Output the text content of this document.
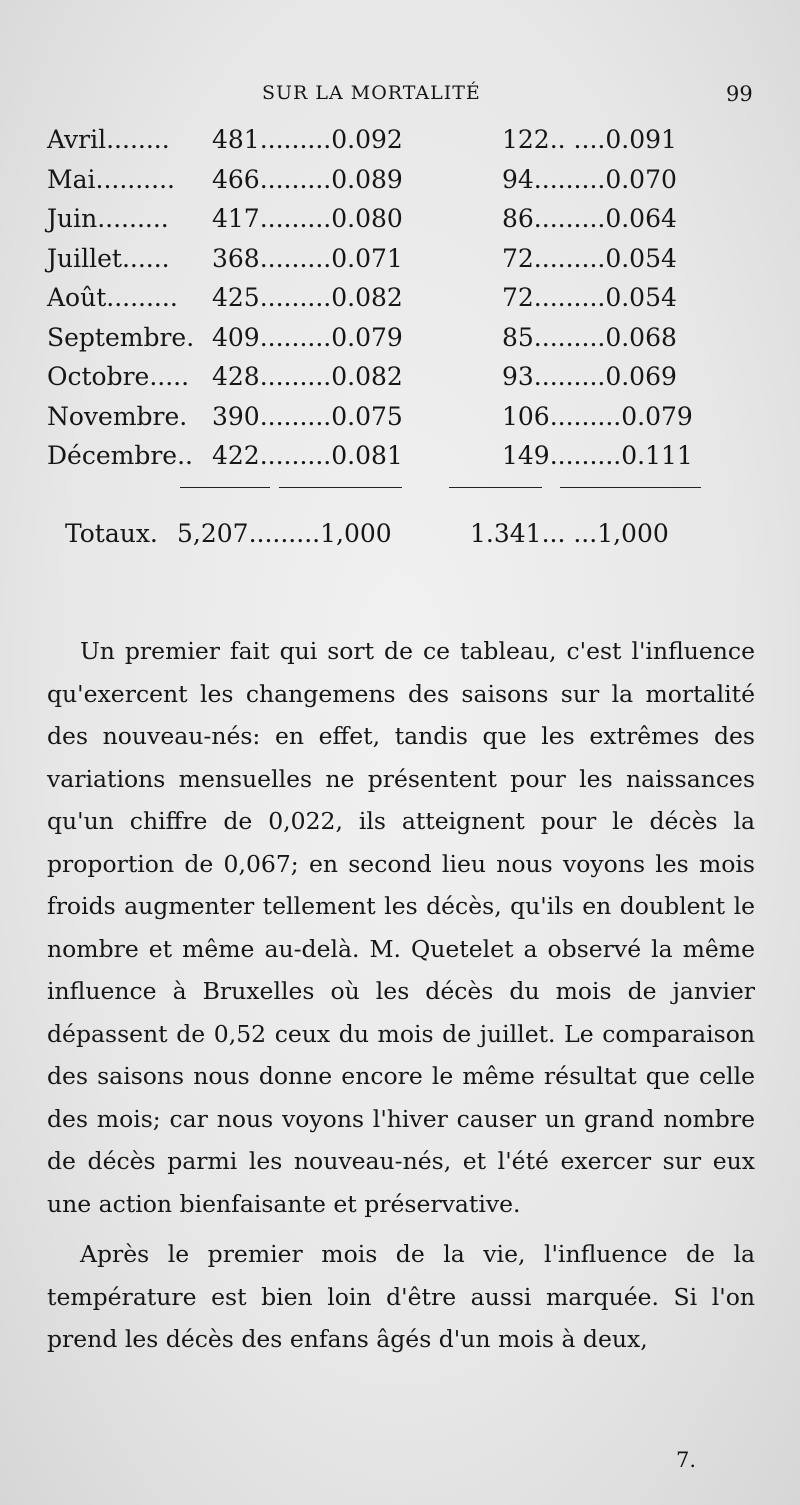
SUR LA MORTALITÉ	99
Avril........ 481.........0.092	122.. ....0.091
Mai.......... 466.........0.089	94.........0.070
Juin......... 417.........0.080	86.........0.064
Juillet...... 368.........0.071	72.........0.054
Août......... 425.........0.082	72.........0.054
Septembre. 409.........0.079	85.........0.068
Octobre..... 428.........0.082	93.........0.069
Novembre. 390.........0.075	106.........0.079
Décembre.. 422.........0.081	149.........0.111
Totaux. 5,207.........1,000	1.341... ...1,000

Un premier fait qui sort de ce tableau, c'est l'influence qu'exercent les changemens des saisons sur la mortalité des nouveau-nés: en effet, tandis que les extrêmes des variations mensuelles ne présentent pour les naissances qu'un chiffre de 0,022, ils atteignent pour le décès la proportion de 0,067; en second lieu nous voyons les mois froids augmenter tellement les décès, qu'ils en doublent le nombre et même au-delà. M. Quetelet a observé la même influence à Bruxelles où les décès du mois de janvier dépassent de 0,52 ceux du mois de juillet. Le comparaison des saisons nous donne encore le même résultat que celle des mois; car nous voyons l'hiver causer un grand nombre de décès parmi les nouveau-nés, et l'été exercer sur eux une action bienfaisante et préservative.

Après le premier mois de la vie, l'influence de la température est bien loin d'être aussi marquée. Si l'on prend les décès des enfans âgés d'un mois à deux,

7.
